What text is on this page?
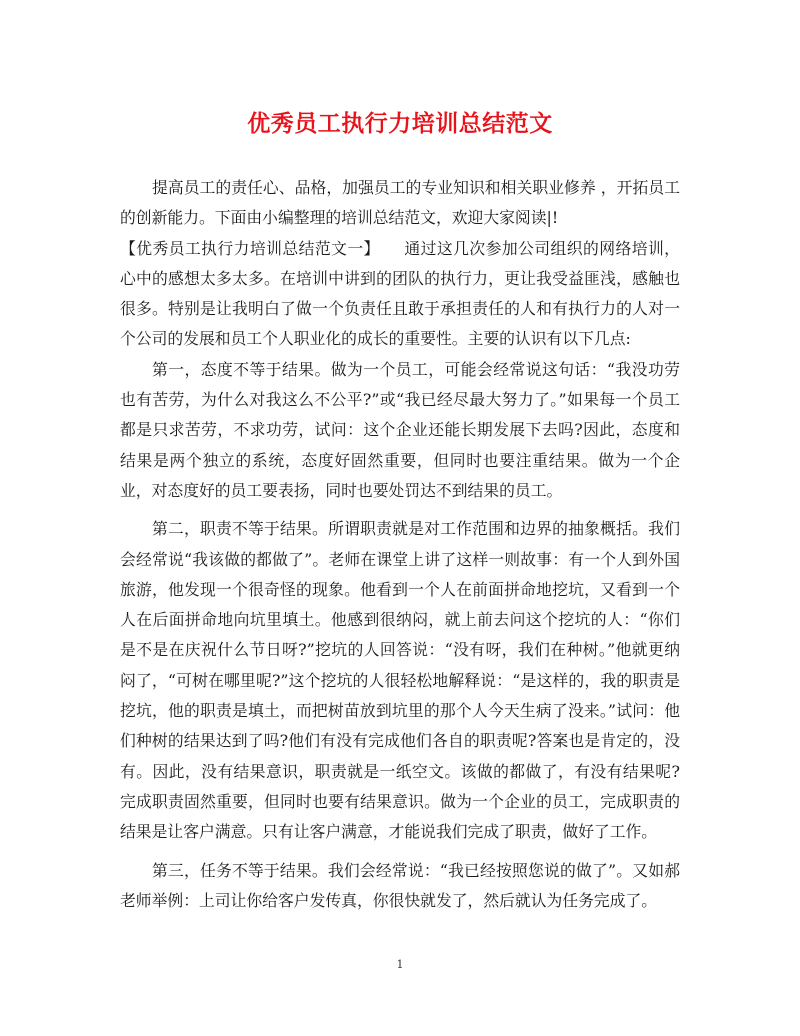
优秀员工执行力培训总结范文

提高员工的责任心、品格，加强员工的专业知识和相关职业修养 ，开拓员工的创新能力。下面由小编整理的培训总结范文，欢迎大家阅读|!

【优秀员工执行力培训总结范文一】　　 通过这几次参加公司组织的网络培训，心中的感想太多太多。在培训中讲到的团队的执行力，更让我受益匪浅，感触也很多。特别是让我明白了做一个负责任且敢于承担责任的人和有执行力的人对一个公司的发展和员工个人职业化的成长的重要性。主要的认识有以下几点:

第一，态度不等于结果。做为一个员工，可能会经常说这句话：“我没功劳也有苦劳，为什么对我这么不公平?”或“我已经尽最大努力了。”如果每一个员工都是只求苦劳，不求功劳，试问：这个企业还能长期发展下去吗?因此，态度和结果是两个独立的系统，态度好固然重要，但同时也要注重结果。做为一个企业，对态度好的员工要表扬，同时也要处罚达不到结果的员工。

第二，职责不等于结果。所谓职责就是对工作范围和边界的抽象概括。我们会经常说“我该做的都做了”。老师在课堂上讲了这样一则故事：有一个人到外国旅游，他发现一个很奇怪的现象。他看到一个人在前面拼命地挖坑，又看到一个人在后面拼命地向坑里填土。他感到很纳闷，就上前去问这个挖坑的人：“你们是不是在庆祝什么节日呀?”挖坑的人回答说：“没有呀，我们在种树。”他就更纳闷了，“可树在哪里呢?”这个挖坑的人很轻松地解释说：“是这样的，我的职责是挖坑，他的职责是填土，而把树苗放到坑里的那个人今天生病了没来。”试问：他们种树的结果达到了吗?他们有没有完成他们各自的职责呢?答案也是肯定的，没有。因此，没有结果意识，职责就是一纸空文。该做的都做了，有没有结果呢?完成职责固然重要，但同时也要有结果意识。做为一个企业的员工，完成职责的结果是让客户满意。只有让客户满意，才能说我们完成了职责，做好了工作。

第三，任务不等于结果。我们会经常说：“我已经按照您说的做了”。又如郝老师举例：上司让你给客户发传真，你很快就发了，然后就认为任务完成了。

1
